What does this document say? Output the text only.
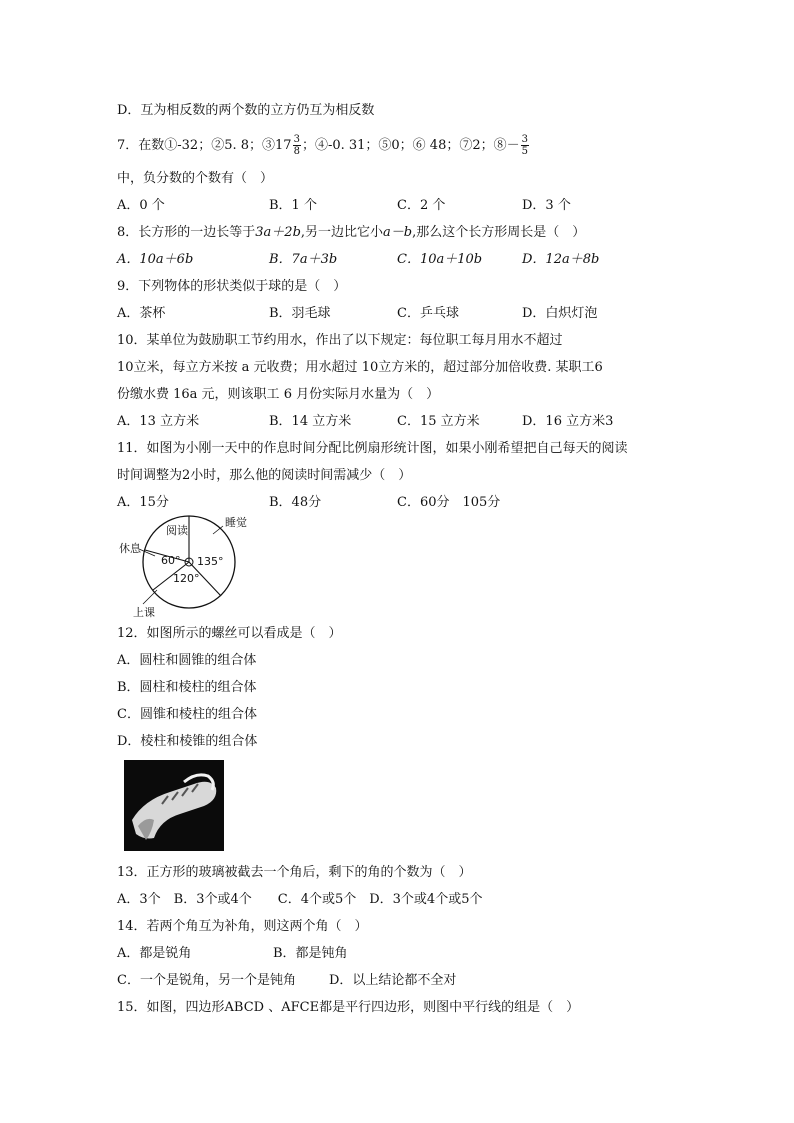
D．互为相反数的两个数的立方仍互为相反数
7．在数①-32；②5. 8；③17 $\frac{3}{8}$ ；④-0. 31；⑤0；⑥ 48；⑦2；⑧－ $\frac{3}{5}$
中，负分数的个数有（　）
A．0 个	B．1 个	C．2 个	D．3 个
8．长方形的一边长等于3a＋2b,另一边比它小a－b,那么这个长方形周长是（　）
A．10a＋6b	B．7a＋3b	C．10a＋10b	D．12a＋8b
9．下列物体的形状类似于球的是（　）
A．茶杯	B．羽毛球	C．乒乓球	D．白炽灯泡
10．某单位为鼓励职工节约用水，作出了以下规定：每位职工每月用水不超过
10立米，每立方米按 a 元收费；用水超过 10立方米的，超过部分加倍收费. 某职工6
份缴水费 16a 元，则该职工 6 月份实际月水量为（　）
A．13 立方米	B．14 立方米	C．15 立方米	D．16 立方米3
11．如图为小刚一天中的作息时间分配比例扇形统计图，如果小刚希望把自己每天的阅读
时间调整为2小时，那么他的阅读时间需减少（　）
A．15分	B．48分	C．60分　105分
阅读
睡觉
休息
上课
60° 135°
120°
12．如图所示的螺丝可以看成是（　）
A．圆柱和圆锥的组合体
B．圆柱和棱柱的组合体
C．圆锥和棱柱的组合体
D．棱柱和棱锥的组合体
13．正方形的玻璃被截去一个角后，剩下的角的个数为（　）
A．3个　B．3个或4个　　C．4个或5个　D．3个或4个或5个
14．若两个角互为补角，则这两个角（　）
A．都是锐角	B．都是钝角
C．一个是锐角，另一个是钝角	D．以上结论都不全对
15．如图，四边形ABCD 、AFCE都是平行四边形，则图中平行线的组是（　）
